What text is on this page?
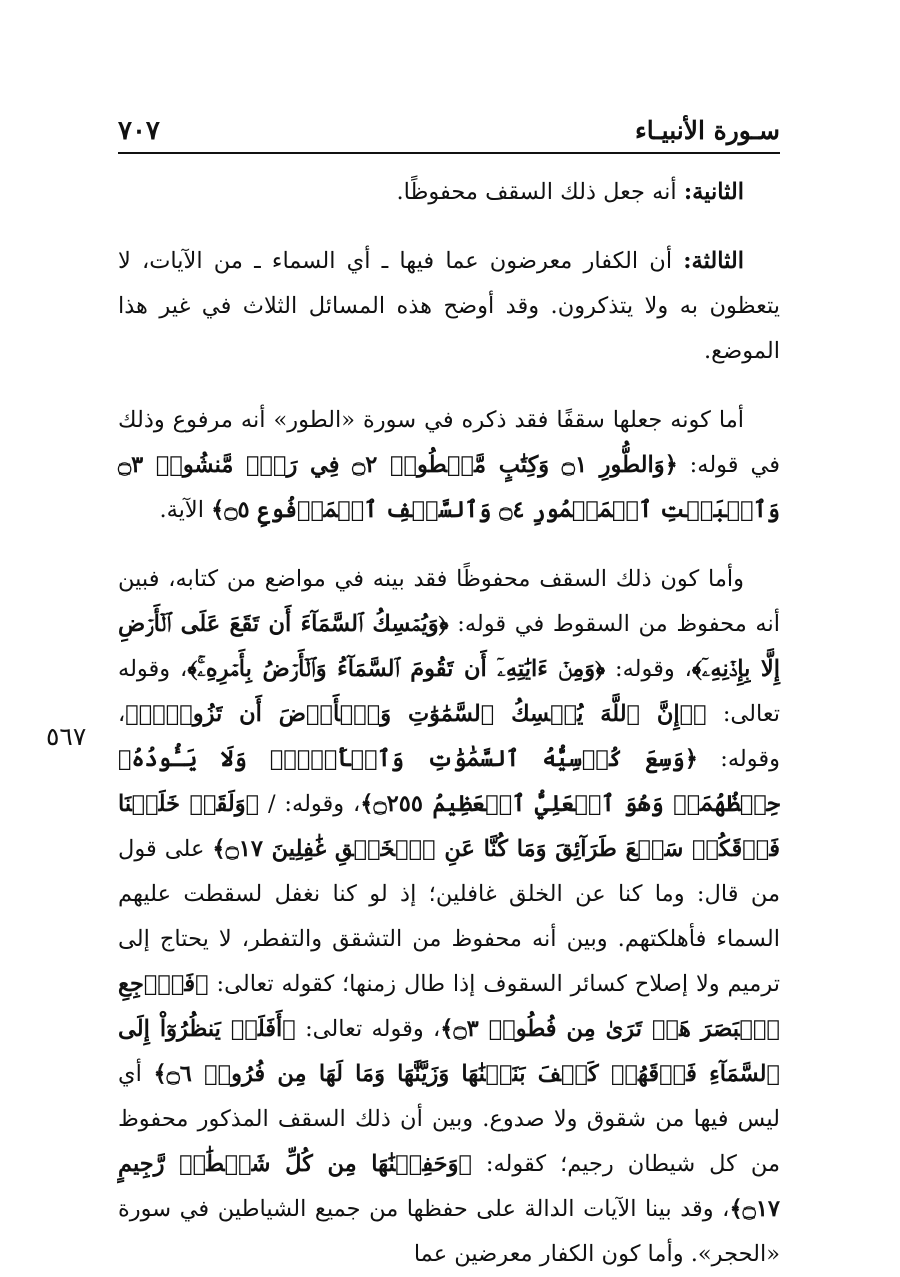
سـورة الأنبيـاء
٧٠٧
٥٦٧

الثانية: أنه جعل ذلك السقف محفوظًا.

الثالثة: أن الكفار معرضون عما فيها ـ أي السماء ـ من الآيات، لا يتعظون به ولا يتذكرون. وقد أوضح هذه المسائل الثلاث في غير هذا الموضع.

أما كونه جعلها سقفًا فقد ذكره في سورة «الطور» أنه مرفوع وذلك في قوله: ﴿وَالطُّورِ ۝١ وَكِتَٰبٍ مَّسۡطُورٖ ۝٢ فِي رَقّٖ مَّنشُورٖ ۝٣ وَٱلۡبَيۡتِ ٱلۡمَعۡمُورِ ۝٤ وَٱلسَّقۡفِ ٱلۡمَرۡفُوعِ ۝٥﴾ الآية.

وأما كون ذلك السقف محفوظًا فقد بينه في مواضع من كتابه، فبين أنه محفوظ من السقوط في قوله: ﴿وَيُمۡسِكُ ٱلسَّمَآءَ أَن تَقَعَ عَلَى ٱلۡأَرۡضِ إِلَّا بِإِذۡنِهِۦٓ﴾، وقوله: ﴿وَمِنۡ ءَايَٰتِهِۦٓ أَن تَقُومَ ٱلسَّمَآءُ وَٱلۡأَرۡضُ بِأَمۡرِهِۦۚ﴾، وقوله تعالى: ﴿۞إِنَّ ٱللَّهَ يُمۡسِكُ ٱلسَّمَٰوَٰتِ وَٱلۡأَرۡضَ أَن تَزُولَاۚ﴾، وقوله: ﴿وَسِعَ كُرۡسِيُّهُ ٱلسَّمَٰوَٰتِ وَٱلۡأَرۡضَۖ وَلَا يَـُٔودُهُۥ حِفۡظُهُمَاۚ وَهُوَ ٱلۡعَلِيُّ ٱلۡعَظِيمُ ۝٢٥٥﴾، وقوله: / ﴿وَلَقَدۡ خَلَقۡنَا فَوۡقَكُمۡ سَبۡعَ طَرَآئِقَ وَمَا كُنَّا عَنِ ٱلۡخَلۡقِ غَٰفِلِينَ ۝١٧﴾ على قول من قال: وما كنا عن الخلق غافلين؛ إذ لو كنا نغفل لسقطت عليهم السماء فأهلكتهم. وبين أنه محفوظ من التشقق والتفطر، لا يحتاج إلى ترميم ولا إصلاح كسائر السقوف إذا طال زمنها؛ كقوله تعالى: ﴿فَٱرۡجِعِ ٱلۡبَصَرَ هَلۡ تَرَىٰ مِن فُطُورٖ ۝٣﴾، وقوله تعالى: ﴿أَفَلَمۡ يَنظُرُوٓاْ إِلَى ٱلسَّمَآءِ فَوۡقَهُمۡ كَيۡفَ بَنَيۡنَٰهَا وَزَيَّنَّٰهَا وَمَا لَهَا مِن فُرُوجٖ ۝٦﴾ أي ليس فيها من شقوق ولا صدوع. وبين أن ذلك السقف المذكور محفوظ من كل شيطان رجيم؛ كقوله: ﴿وَحَفِظۡنَٰهَا مِن كُلِّ شَيۡطَٰنٖ رَّجِيمٍ ۝١٧﴾، وقد بينا الآيات الدالة على حفظها من جميع الشياطين في سورة «الحجر». وأما كون الكفار معرضين عما
